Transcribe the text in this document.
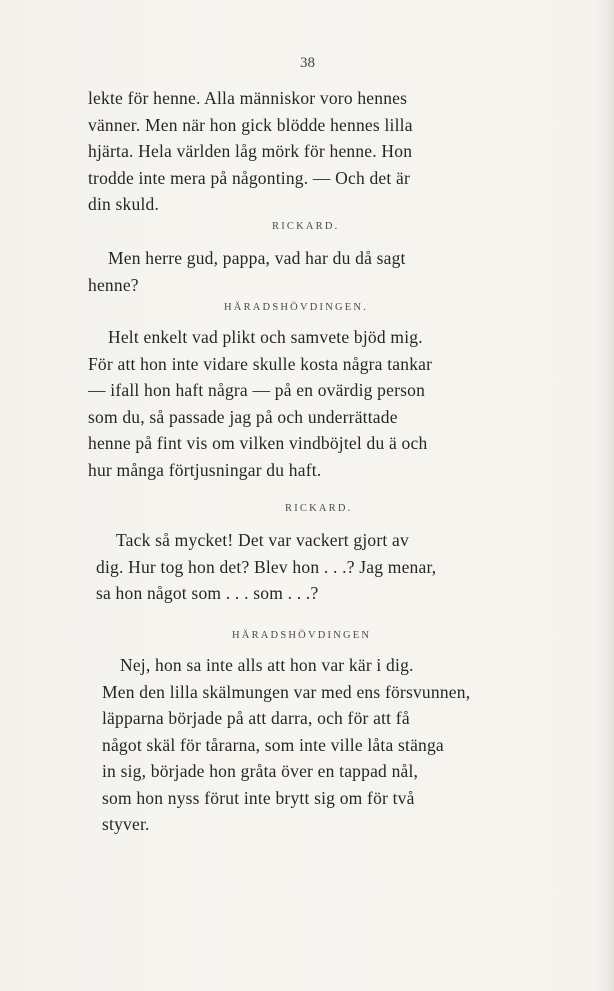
38
lekte för henne. Alla människor voro hennes
vänner. Men när hon gick blödde hennes lilla
hjärta. Hela världen låg mörk för henne. Hon
trodde inte mera på någonting. — Och det är
din skuld.
RICKARD.
Men herre gud, pappa, vad har du då sagt
henne?
HÄRADSHÖVDINGEN.
Helt enkelt vad plikt och samvete bjöd mig.
För att hon inte vidare skulle kosta några tankar
— ifall hon haft några — på en ovärdig person
som du, så passade jag på och underrättade
henne på fint vis om vilken vindböjtel du ä och
hur många förtjusningar du haft.
RICKARD.
Tack så mycket! Det var vackert gjort av
dig. Hur tog hon det? Blev hon . . .? Jag menar,
sa hon något som . . . som . . .?
HÄRADSHÖVDINGEN
Nej, hon sa inte alls att hon var kär i dig.
Men den lilla skälmungen var med ens försvunnen,
läpparna började på att darra, och för att få
något skäl för tårarna, som inte ville låta stänga
in sig, började hon gråta över en tappad nål,
som hon nyss förut inte brytt sig om för två
styver.
